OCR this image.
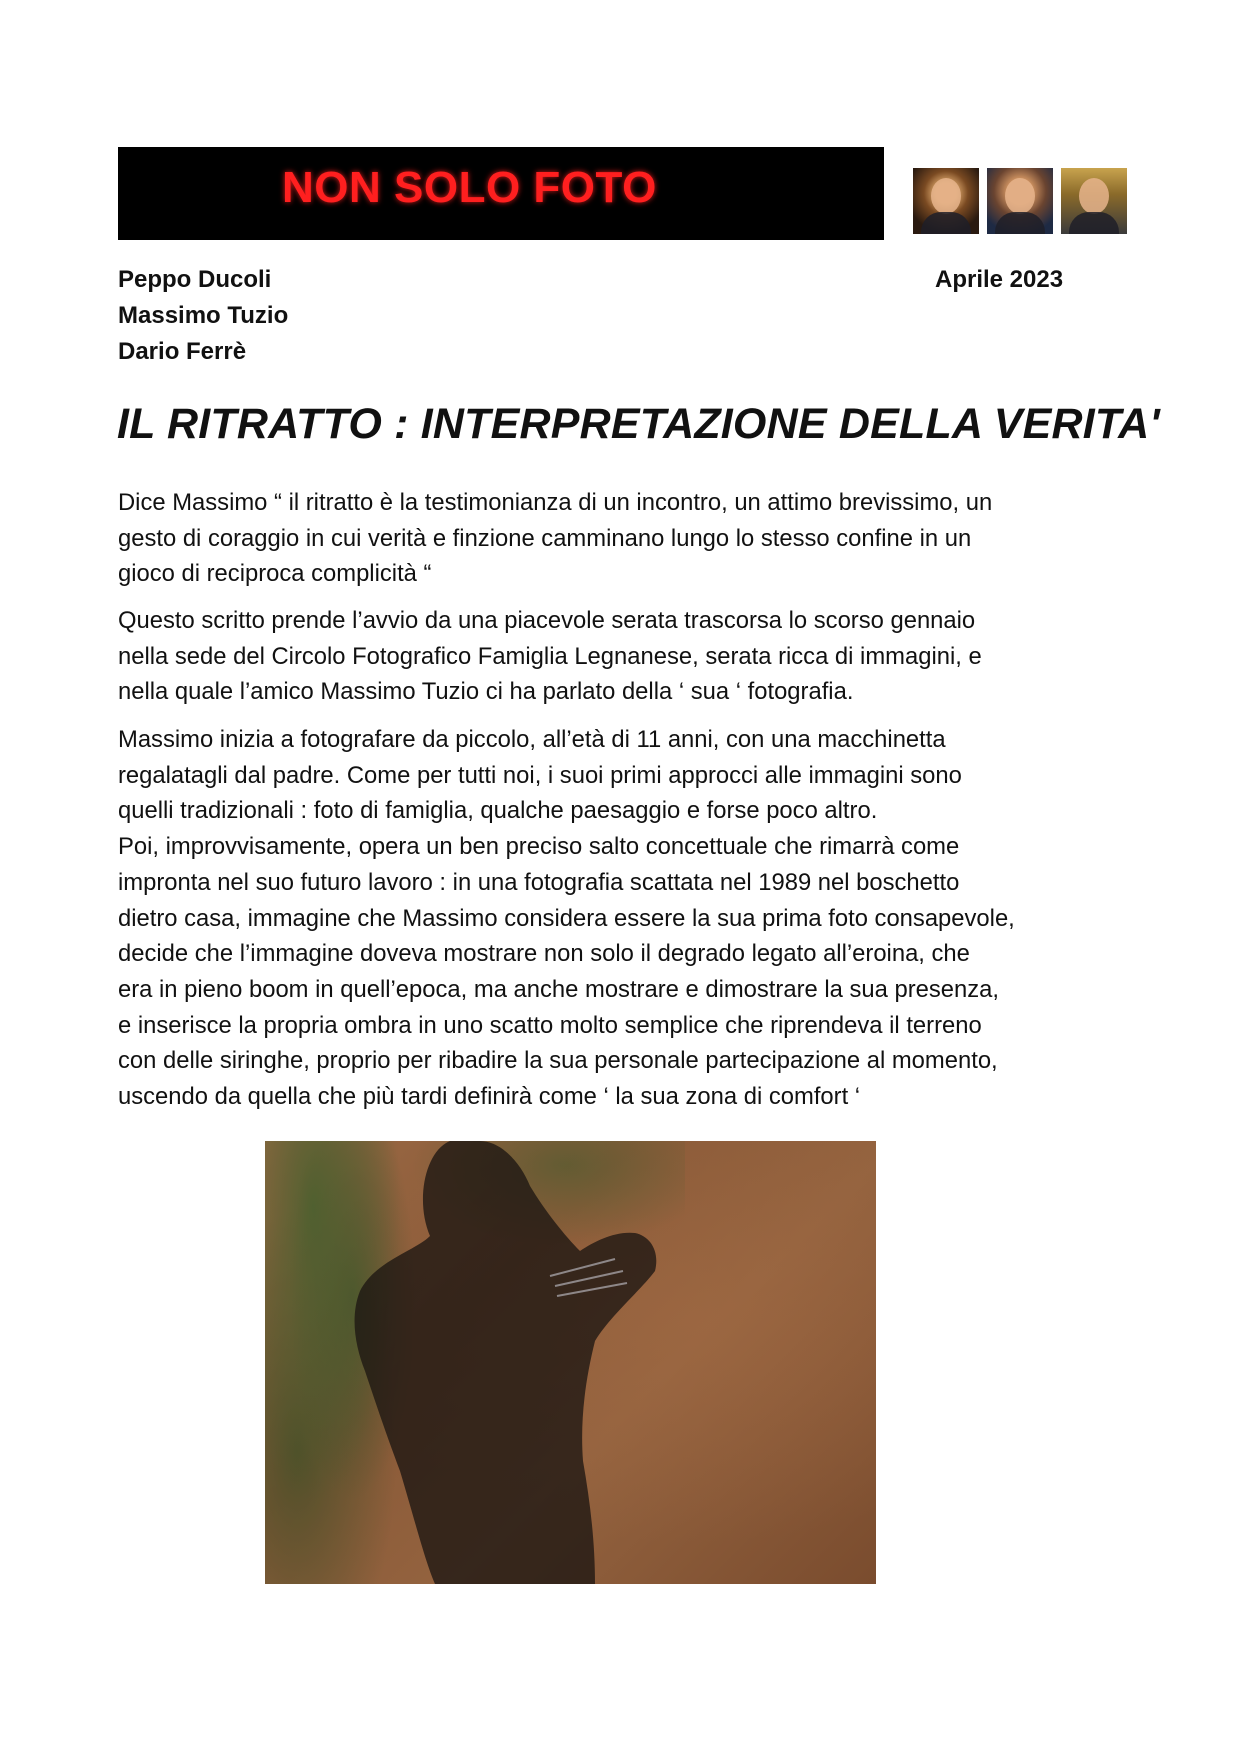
NON SOLO FOTO
Peppo Ducoli
Massimo Tuzio
Dario Ferrè
Aprile 2023
IL RITRATTO : INTERPRETAZIONE DELLA VERITA'

Dice Massimo “ il ritratto è la testimonianza di un incontro, un attimo brevissimo, un
gesto di coraggio in cui verità e finzione camminano lungo lo stesso confine in un
gioco di reciproca complicità “

Questo scritto prende l’avvio da una piacevole serata trascorsa lo scorso gennaio
nella sede del Circolo Fotografico Famiglia Legnanese, serata ricca di immagini, e
nella quale l’amico Massimo Tuzio ci ha parlato della ‘ sua ‘ fotografia.

Massimo inizia a fotografare da piccolo, all’età di 11 anni, con una macchinetta
regalatagli dal padre. Come per tutti noi, i suoi primi approcci alle immagini sono
quelli tradizionali : foto di famiglia, qualche paesaggio e forse poco altro.
Poi, improvvisamente, opera un ben preciso salto concettuale che rimarrà come
impronta nel suo futuro lavoro : in una fotografia scattata nel 1989 nel boschetto
dietro casa, immagine che Massimo considera essere la sua prima foto consapevole,
decide che l’immagine doveva mostrare non solo il degrado legato all’eroina, che
era in pieno boom in quell’epoca, ma anche mostrare e dimostrare la sua presenza,
e inserisce la propria ombra in uno scatto molto semplice che riprendeva il terreno
con delle siringhe, proprio per ribadire la sua personale partecipazione al momento,
uscendo da quella che più tardi definirà come ‘ la sua zona di comfort ‘
